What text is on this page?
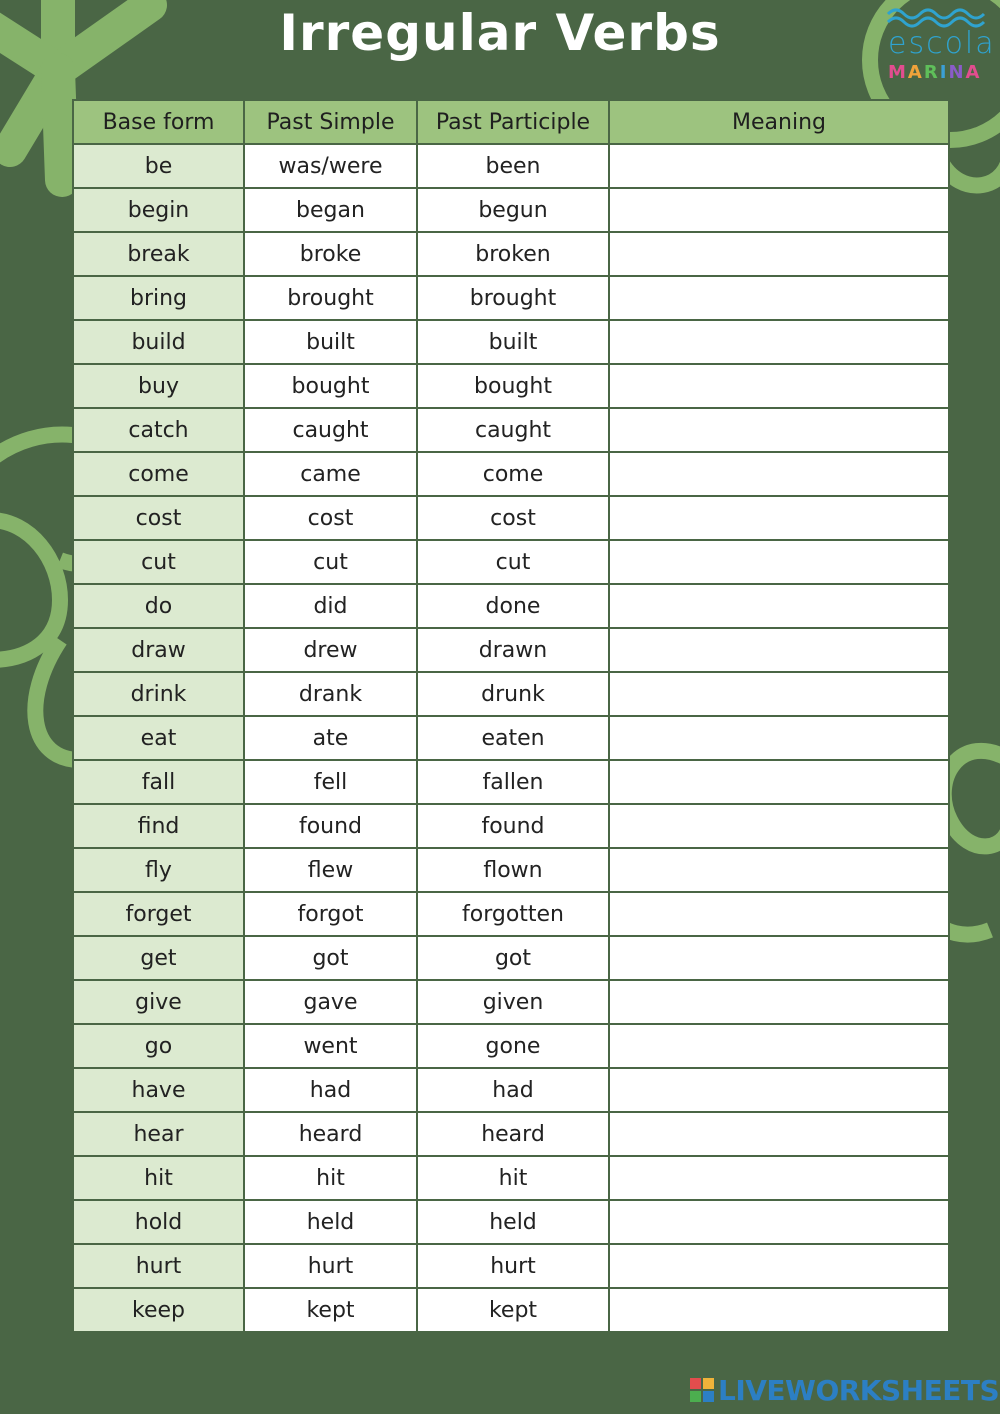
Irregular Verbs	escola
MARINA
Base form	Past Simple	Past Participle	Meaning
be	was/were	been	
begin	began	begun	
break	broke	broken	
bring	brought	brought	
build	built	built	
buy	bought	bought	
catch	caught	caught	
come	came	come	
cost	cost	cost	
cut	cut	cut	
do	did	done	
draw	drew	drawn	
drink	drank	drunk	
eat	ate	eaten	
fall	fell	fallen	
find	found	found	
fly	flew	flown	
forget	forgot	forgotten	
get	got	got	
give	gave	given	
go	went	gone	
have	had	had	
hear	heard	heard	
hit	hit	hit	
hold	held	held	
hurt	hurt	hurt	
keep	kept	kept	
LIVEWORKSHEETS
